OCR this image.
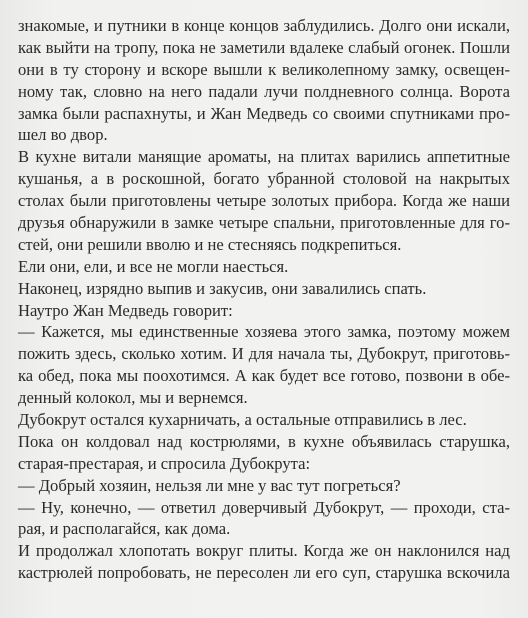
знакомые, и путники в конце концов заблудились. Долго они искали,
как выйти на тропу, пока не заметили вдалеке слабый огонек. Пошли
они в ту сторону и вскоре вышли к великолепному замку, освещен-
ному так, словно на него падали лучи полдневного солнца. Ворота
замка были распахнуты, и Жан Медведь со своими спутниками про-
шел во двор.
В кухне витали манящие ароматы, на плитах варились аппетитные
кушанья, а в роскошной, богато убранной столовой на накрытых
столах были приготовлены четыре золотых прибора. Когда же наши
друзья обнаружили в замке четыре спальни, приготовленные для го-
стей, они решили вволю и не стесняясь подкрепиться.
Ели они, ели, и все не могли наесться.
Наконец, изрядно выпив и закусив, они завалились спать.
Наутро Жан Медведь говорит:
— Кажется, мы единственные хозяева этого замка, поэтому можем
пожить здесь, сколько хотим. И для начала ты, Дубокрут, приготовь-
ка обед, пока мы поохотимся. А как будет все готово, позвони в обе-
денный колокол, мы и вернемся.
Дубокрут остался кухарничать, а остальные отправились в лес.
Пока он колдовал над кострюлями, в кухне объявилась старушка,
старая-престарая, и спросила Дубокрута:
— Добрый хозяин, нельзя ли мне у вас тут погреться?
— Ну, конечно, — ответил доверчивый Дубокрут, — проходи, ста-
рая, и располагайся, как дома.
И продолжал хлопотать вокруг плиты. Когда же он наклонился над
кастрюлей попробовать, не пересолен ли его суп, старушка вскочила
